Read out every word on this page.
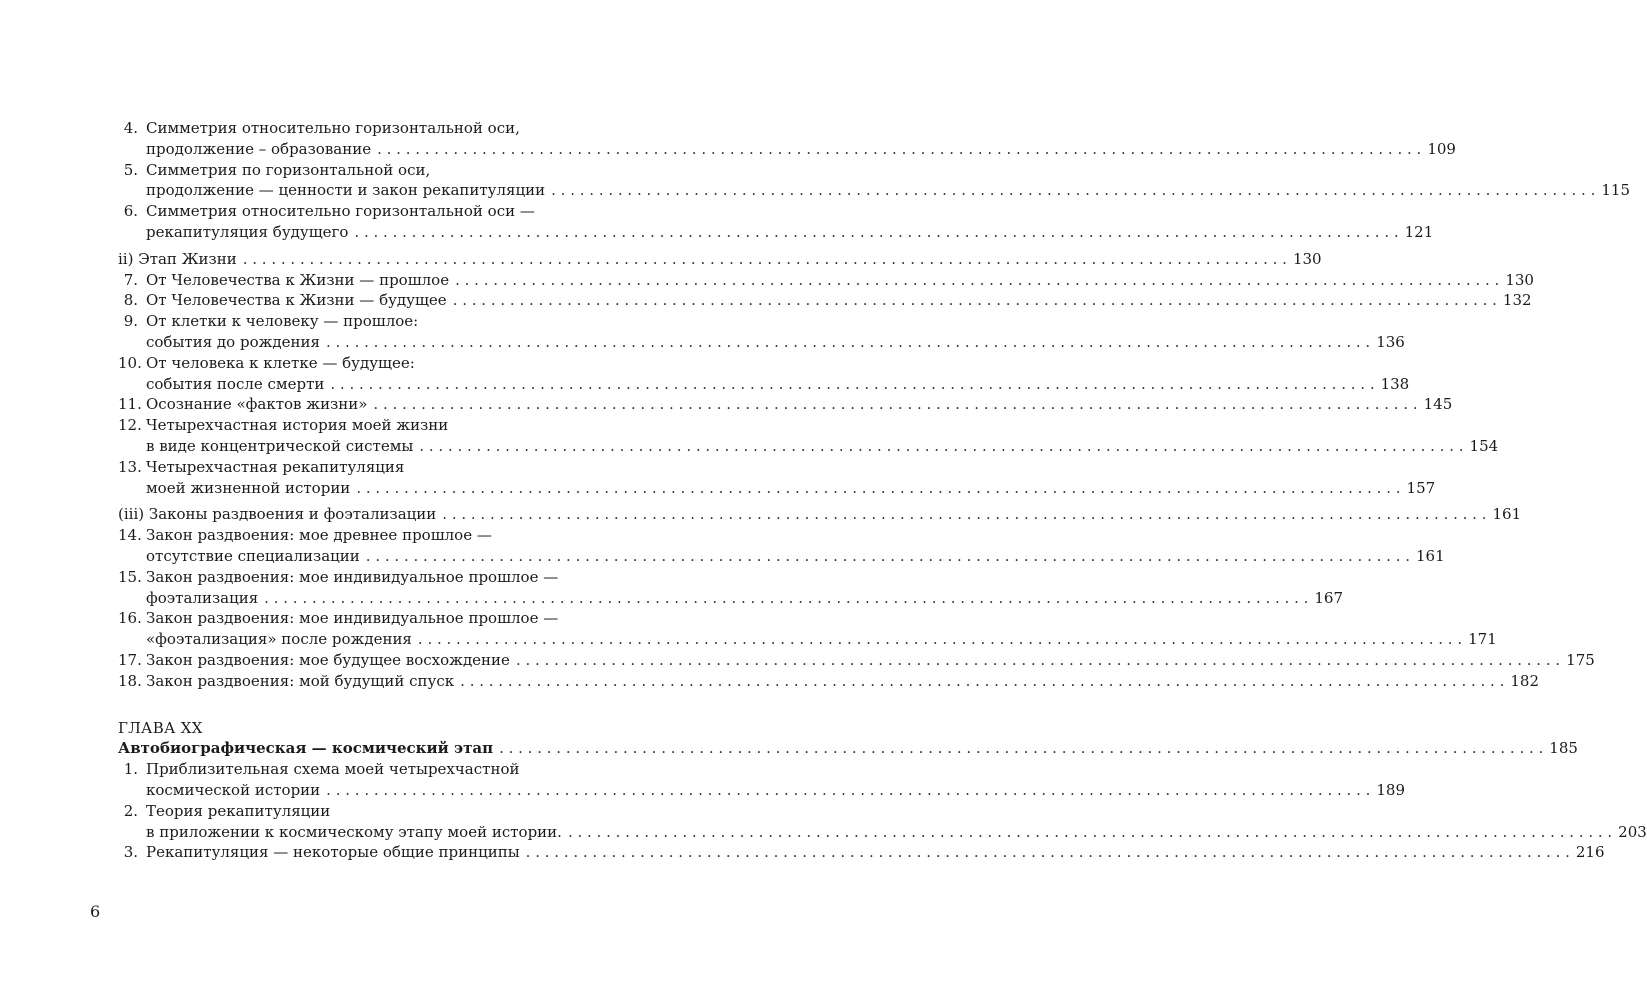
4. Симметрия относительно горизонтальной оси,
продолжение – образование . . .	109
5. Симметрия по горизонтальной оси,
продолжение — ценности и закон рекапитуляции . . .	115
6. Симметрия относительно горизонтальной оси —
рекапитуляция будущего . . .	121
ii) Этап Жизни . . .	130
7. От Человечества к Жизни — прошлое . . .	130
8. От Человечества к Жизни — будущее . . .	132
9. От клетки к человеку — прошлое:
события до рождения . . .	136
10. От человека к клетке — будущее:
события после смерти . . .	138
11. Осознание «фактов жизни» . . .	145
12. Четырехчастная история моей жизни
в виде концентрической системы . . .	154
13. Четырехчастная рекапитуляция
моей жизненной истории . . .	157
(iii) Законы раздвоения и фоэтализации . . .	161
14. Закон раздвоения: мое древнее прошлое —
отсутствие специализации . . .	161
15. Закон раздвоения: мое индивидуальное прошлое —
фоэтализация . . .	167
16. Закон раздвоения: мое индивидуальное прошлое —
«фоэтализация» после рождения . . .	171
17. Закон раздвоения: мое будущее восхождение . . .	175
18. Закон раздвоения: мой будущий спуск . . .	182
ГЛАВА XX
Автобиографическая — космический этап . . .	185
1. Приблизительная схема моей четырехчастной
космической истории . . .	189
2. Теория рекапитуляции
в приложении к космическому этапу моей истории. . . .	203
3. Рекапитуляция — некоторые общие принципы . . .	216
6
